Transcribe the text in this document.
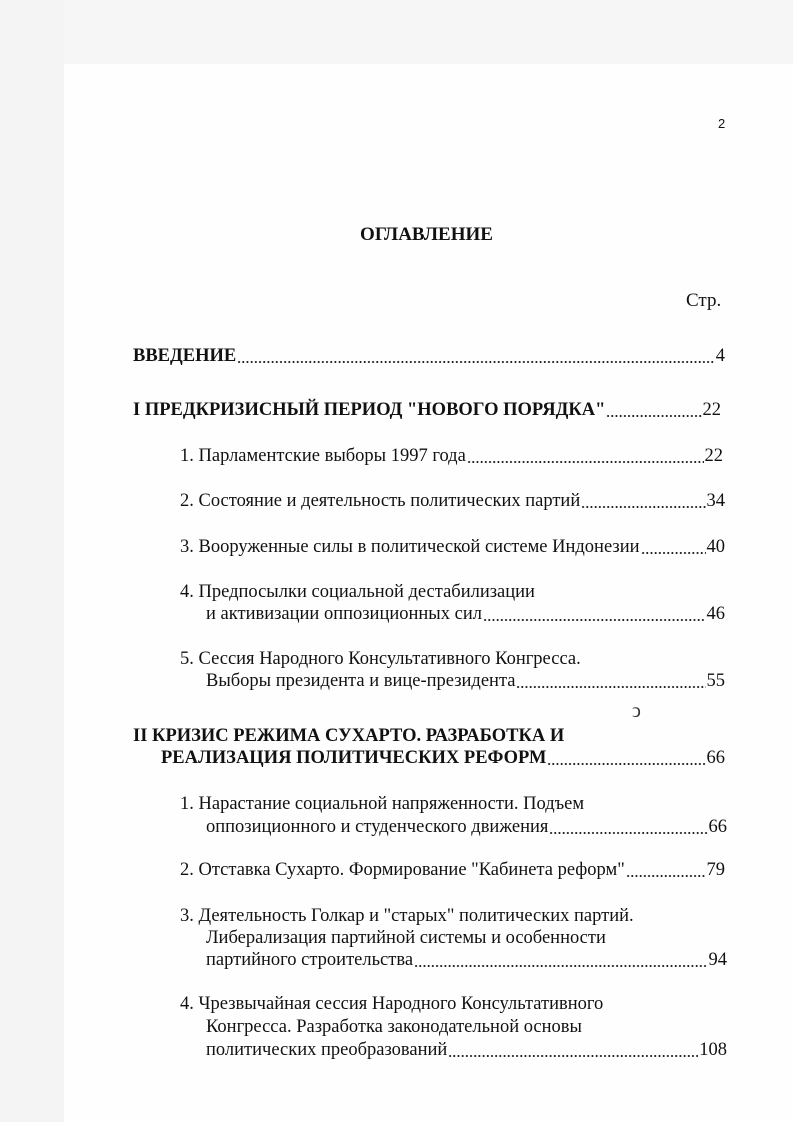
2
ОГЛАВЛЕНИЕ
Стр.
ВВЕДЕНИЕ	4
I ПРЕДКРИЗИСНЫЙ ПЕРИОД "НОВОГО ПОРЯДКА"	22
1. Парламентские выборы 1997 года	22
2. Состояние и деятельность политических партий	34
3. Вооруженные силы в политической системе Индонезии	40
4. Предпосылки социальной дестабилизации
и активизации оппозиционных сил	46
5. Сессия Народного Консультативного Конгресса.
Выборы президента и вице-президента	55
ↄ
II КРИЗИС РЕЖИМА СУХАРТО. РАЗРАБОТКА И
РЕАЛИЗАЦИЯ ПОЛИТИЧЕСКИХ РЕФОРМ	66
1. Нарастание социальной напряженности. Подъем
оппозиционного и студенческого движения	66
2. Отставка Сухарто. Формирование "Кабинета реформ"	79
3. Деятельность Голкар и "старых" политических партий.
Либерализация партийной системы и особенности
партийного строительства	94
4. Чрезвычайная сессия Народного Консультативного
Конгресса. Разработка законодательной основы
политических преобразований	108
